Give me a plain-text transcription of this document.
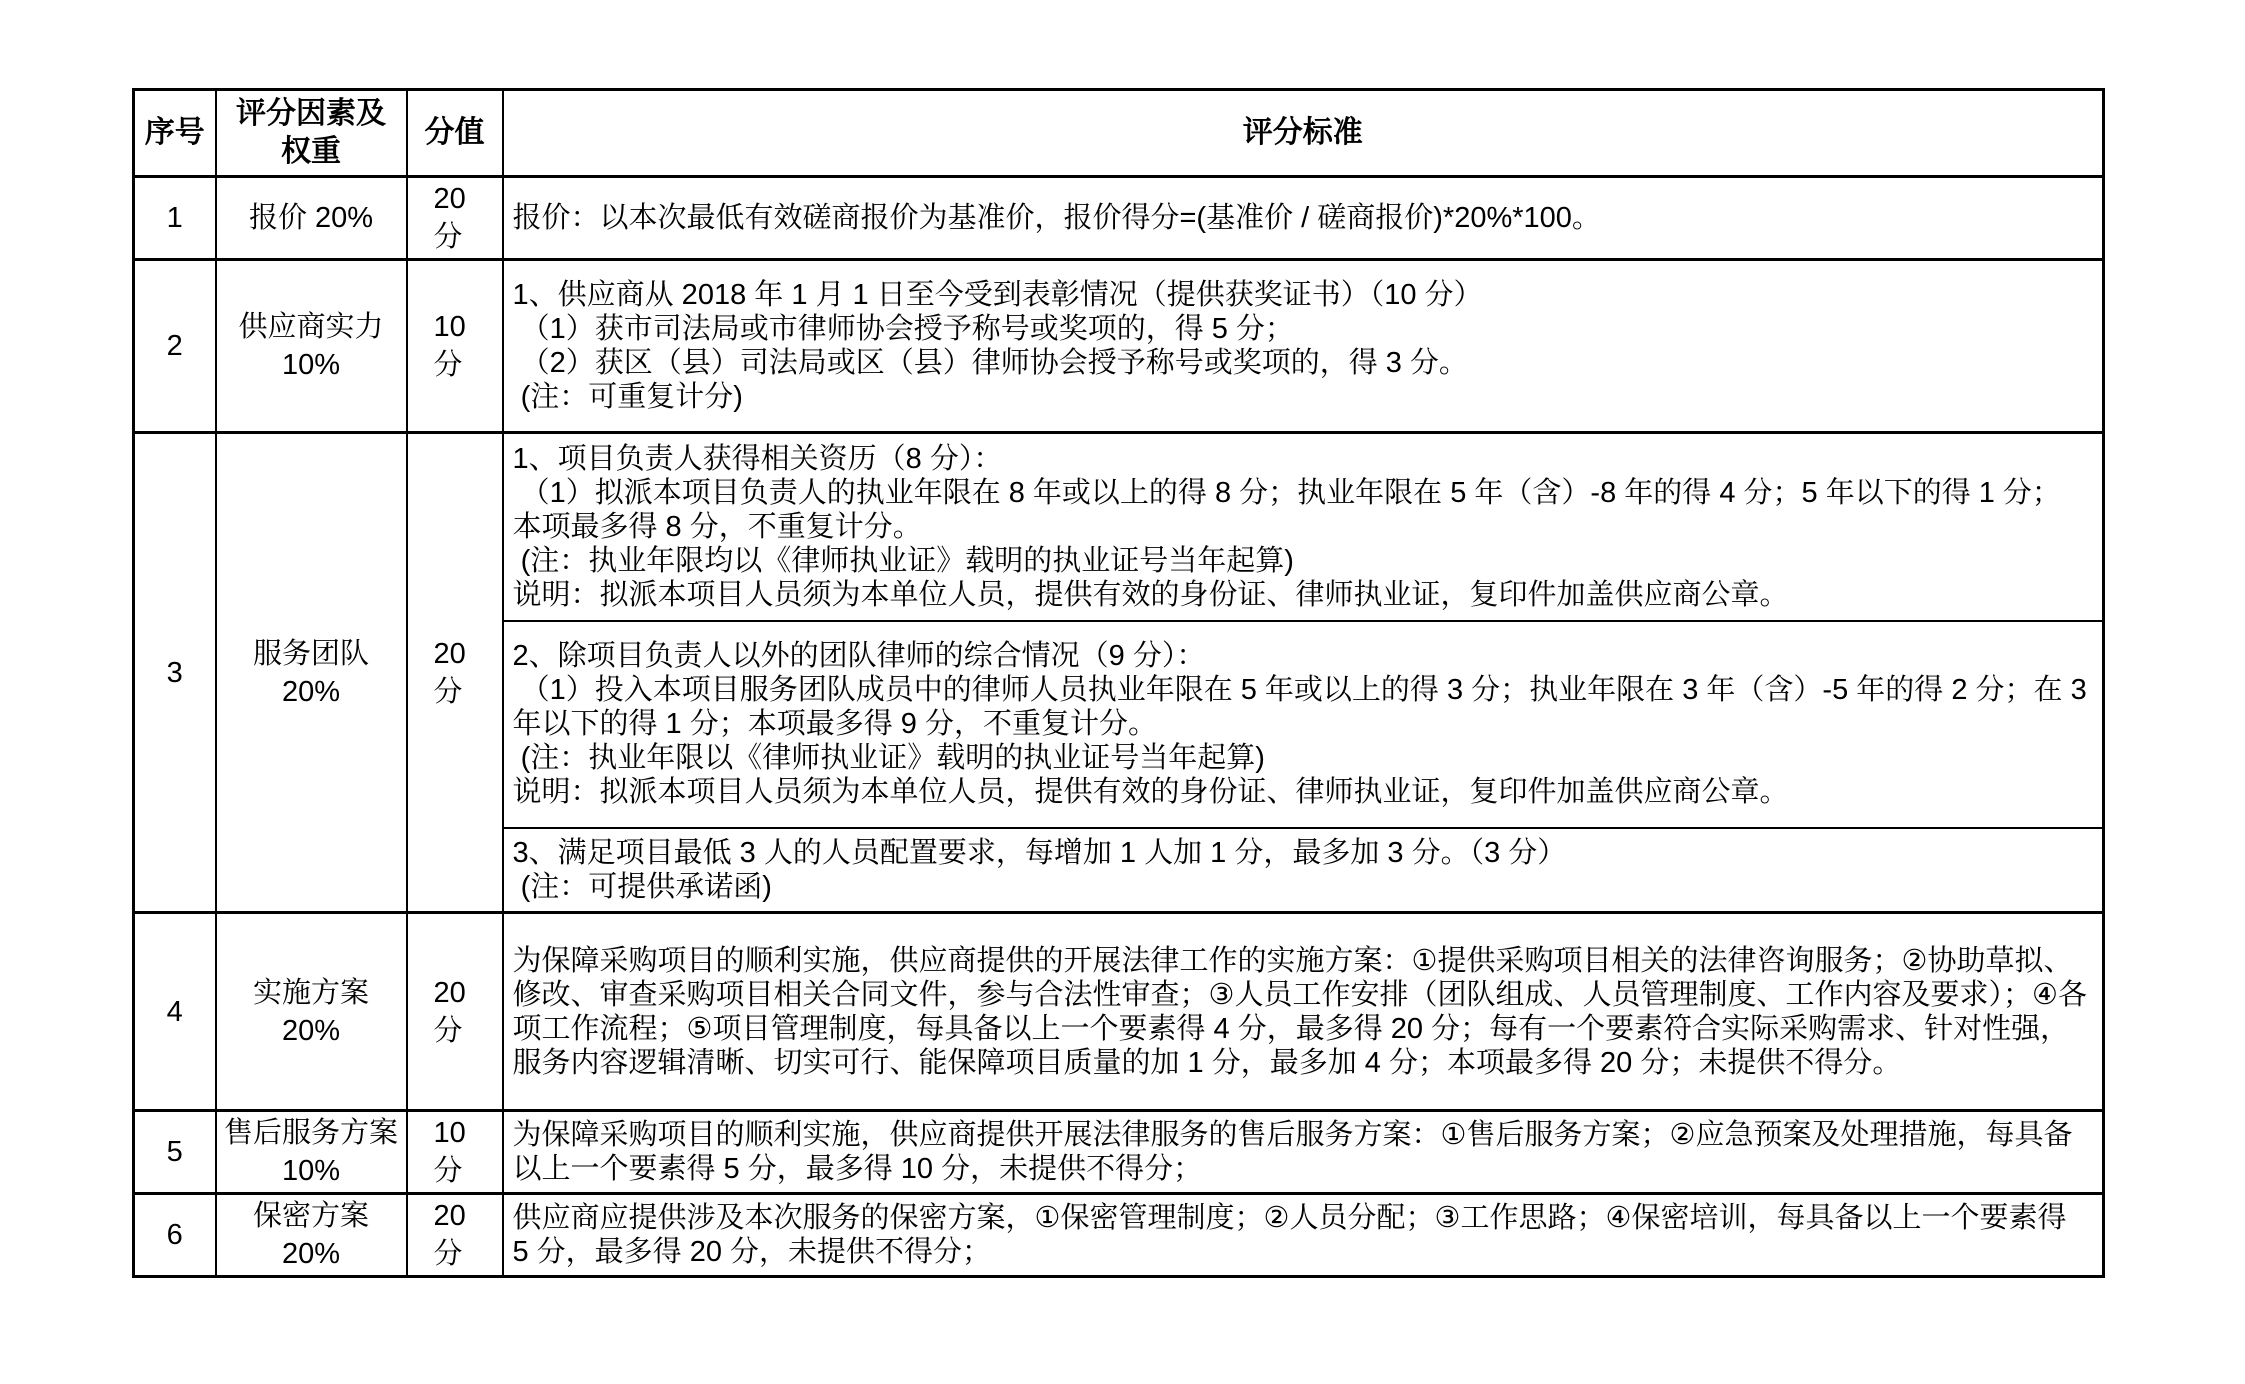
序号	评分因素及权重	分值	评分标准
1	报价 20%	20 分	报价：以本次最低有效磋商报价为基准价，报价得分=(基准价 / 磋商报价)*20%*100。

2	供应商实力 10%	10 分	1、供应商从 2018 年 1 月 1 日至今受到表彰情况（提供获奖证书）（10 分）

（1）获市司法局或市律师协会授予称号或奖项的，得 5 分；

（2）获区（县）司法局或区（县）律师协会授予称号或奖项的，得 3 分。

(注：可重复计分)

3	服务团队 20%	20 分	1、项目负责人获得相关资历（8 分）：

（1）拟派本项目负责人的执业年限在 8 年或以上的得 8 分；执业年限在 5 年（含）-8 年的得 4 分；5 年以下的得 1 分；本项最多得 8 分，不重复计分。

(注：执业年限均以《律师执业证》载明的执业证号当年起算)

说明：拟派本项目人员须为本单位人员，提供有效的身份证、律师执业证，复印件加盖供应商公章。

			2、除项目负责人以外的团队律师的综合情况（9 分）：

（1）投入本项目服务团队成员中的律师人员执业年限在 5 年或以上的得 3 分；执业年限在 3 年（含）-5 年的得 2 分；在 3 年以下的得 1 分；本项最多得 9 分，不重复计分。

(注：执业年限以《律师执业证》载明的执业证号当年起算)

说明：拟派本项目人员须为本单位人员，提供有效的身份证、律师执业证，复印件加盖供应商公章。

			3、满足项目最低 3 人的人员配置要求，每增加 1 人加 1 分，最多加 3 分。（3 分）

(注：可提供承诺函)

4	实施方案 20%	20 分	为保障采购项目的顺利实施，供应商提供的开展法律工作的实施方案：①提供采购项目相关的法律咨询服务；②协助草拟、修改、审查采购项目相关合同文件，参与合法性审查；③人员工作安排（团队组成、人员管理制度、工作内容及要求）；④各项工作流程；⑤项目管理制度，每具备以上一个要素得 4 分，最多得 20 分；每有一个要素符合实际采购需求、针对性强，服务内容逻辑清晰、切实可行、能保障项目质量的加 1 分，最多加 4 分；本项最多得 20 分；未提供不得分。

5	售后服务方案 10%	10 分	为保障采购项目的顺利实施，供应商提供开展法律服务的售后服务方案：①售后服务方案；②应急预案及处理措施，每具备以上一个要素得 5 分，最多得 10 分，未提供不得分；

6	保密方案 20%	20 分	供应商应提供涉及本次服务的保密方案，①保密管理制度；②人员分配；③工作思路；④保密培训，每具备以上一个要素得 5 分，最多得 20 分，未提供不得分；
